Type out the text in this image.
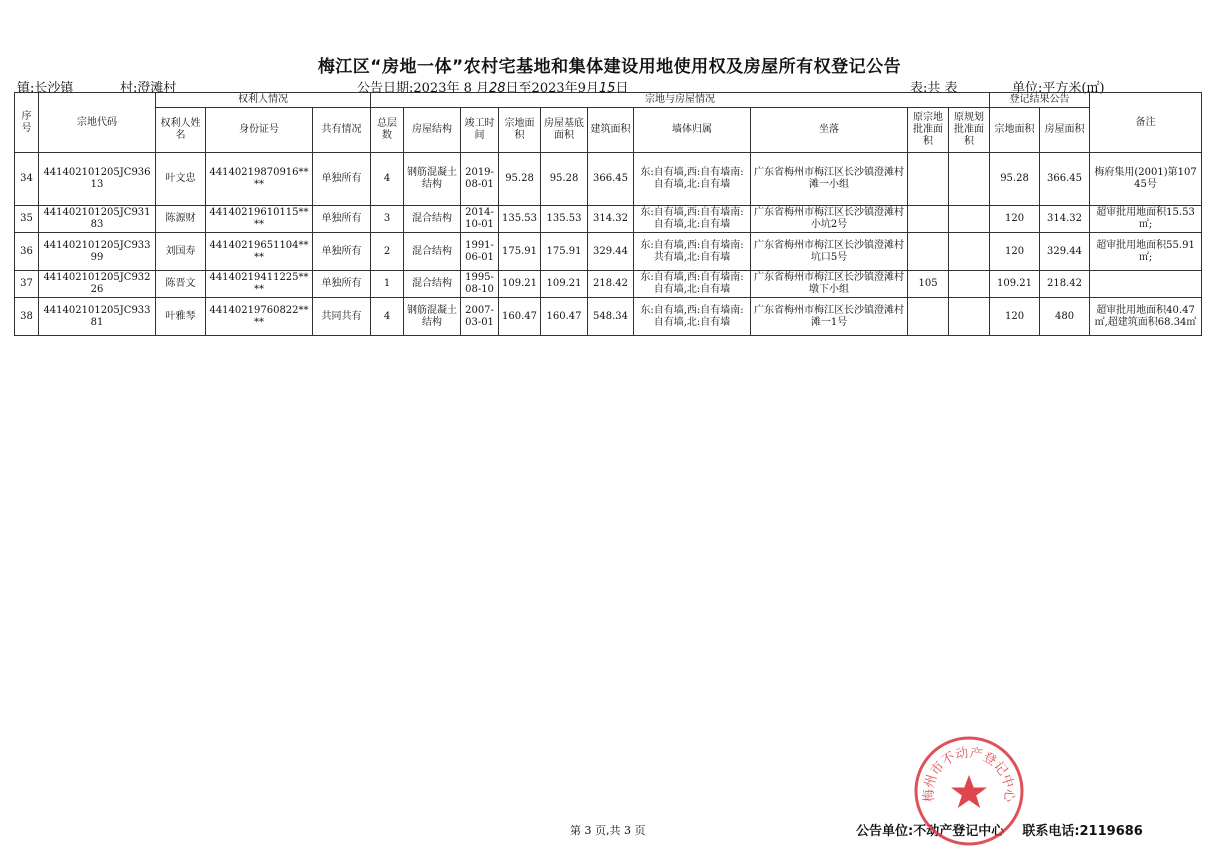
梅江区“房地一体”农村宅基地和集体建设用地使用权及房屋所有权登记公告
镇:长沙镇	村:澄滩村	公告日期:2023年 8 月28日至2023年9月15日	表:共 表	单位:平方米(㎡)
序号	宗地代码	权利人情况			宗地与房屋情况										登记结果公告		备注
		权利人姓名	身份证号	共有情况	总层数	房屋结构	竣工时间	宗地面积	房屋基底面积	建筑面积	墙体归属	坐落	原宗地批准面积	原规划批准面积	宗地面积	房屋面积	
34	441402101205JC93613	叶文忠	44140219870916****	单独所有	4	钢筋混凝土结构	2019-08-01	95.28	95.28	366.45	东:自有墙,西:自有墙南:自有墙,北:自有墙	广东省梅州市梅江区长沙镇澄滩村滩一小组			95.28	366.45	梅府集用(2001)第10745号
35	441402101205JC93183	陈源财	44140219610115****	单独所有	3	混合结构	2014-10-01	135.53	135.53	314.32	东:自有墙,西:自有墙南:自有墙,北:自有墙	广东省梅州市梅江区长沙镇澄滩村小坑2号			120	314.32	超审批用地面积15.53㎡;
36	441402101205JC93399	刘国寿	44140219651104****	单独所有	2	混合结构	1991-06-01	175.91	175.91	329.44	东:自有墙,西:自有墙南:共有墙,北:自有墙	广东省梅州市梅江区长沙镇澄滩村坑口5号			120	329.44	超审批用地面积55.91㎡;
37	441402101205JC93226	陈晋文	44140219411225****	单独所有	1	混合结构	1995-08-10	109.21	109.21	218.42	东:自有墙,西:自有墙南:自有墙,北:自有墙	广东省梅州市梅江区长沙镇澄滩村墩下小组	105		109.21	218.42	
38	441402101205JC93381	叶雅琴	44140219760822****	共同共有	4	钢筋混凝土结构	2007-03-01	160.47	160.47	548.34	东:自有墙,西:自有墙南:自有墙,北:自有墙	广东省梅州市梅江区长沙镇澄滩村滩一1号			120	480	超审批用地面积40.47㎡,超建筑面积68.34㎡
第 3 页,共 3 页	公告单位:不动产登记中心 联系电话:2119686
梅州市不动产登记中心
